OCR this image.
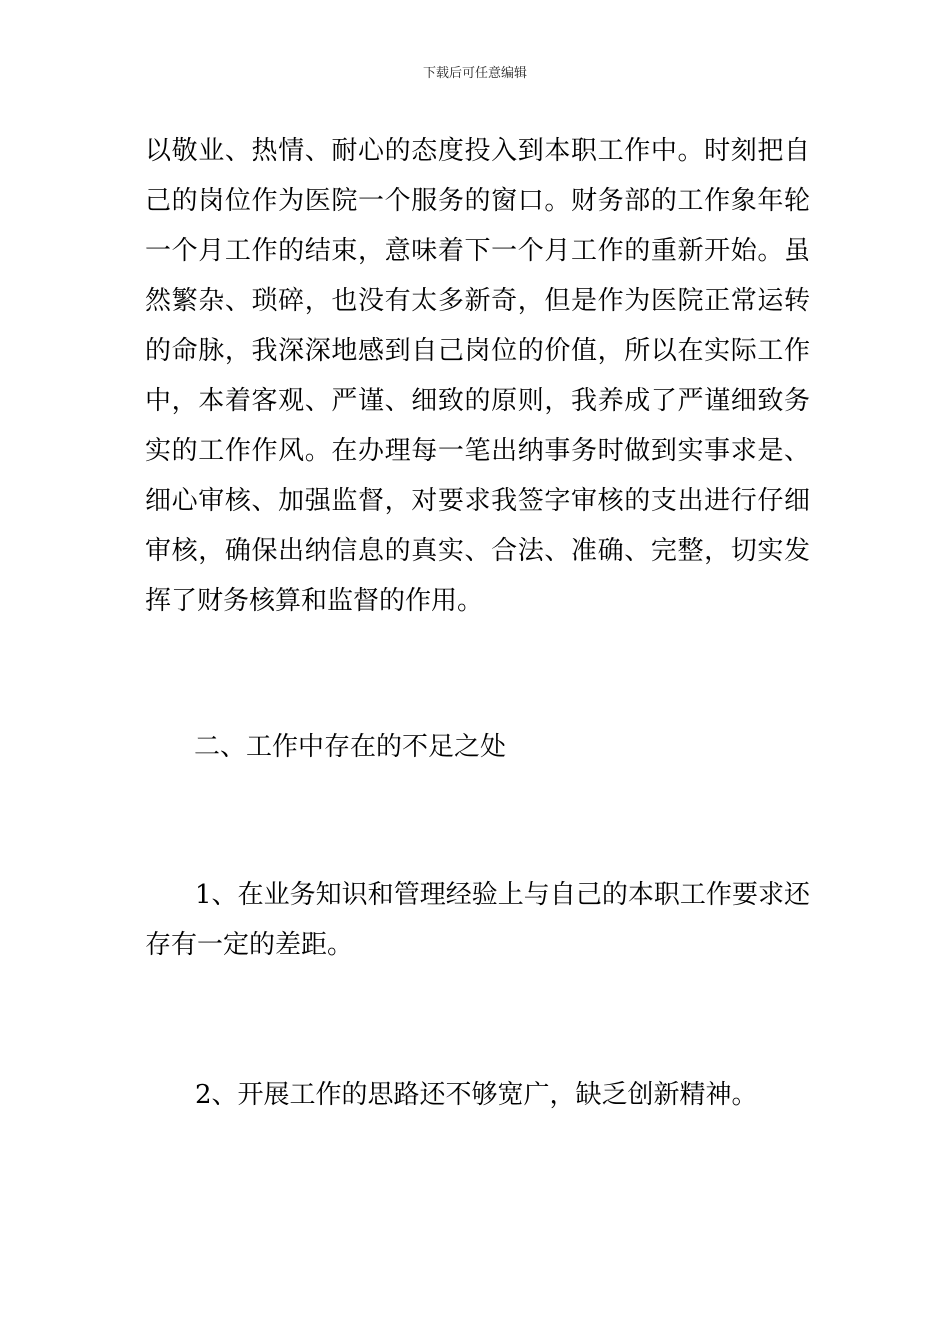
下载后可任意编辑

以敬业、热情、耐心的态度投入到本职工作中。时刻把自己的岗位作为医院一个服务的窗口。财务部的工作象年轮一个月工作的结束，意味着下一个月工作的重新开始。虽然繁杂、琐碎，也没有太多新奇，但是作为医院正常运转的命脉，我深深地感到自己岗位的价值，所以在实际工作中，本着客观、严谨、细致的原则，我养成了严谨细致务实的工作作风。在办理每一笔出纳事务时做到实事求是、细心审核、加强监督，对要求我签字审核的支出进行仔细审核，确保出纳信息的真实、合法、准确、完整，切实发挥了财务核算和监督的作用。

二、工作中存在的不足之处

1、在业务知识和管理经验上与自己的本职工作要求还存有一定的差距。

2、开展工作的思路还不够宽广，缺乏创新精神。
